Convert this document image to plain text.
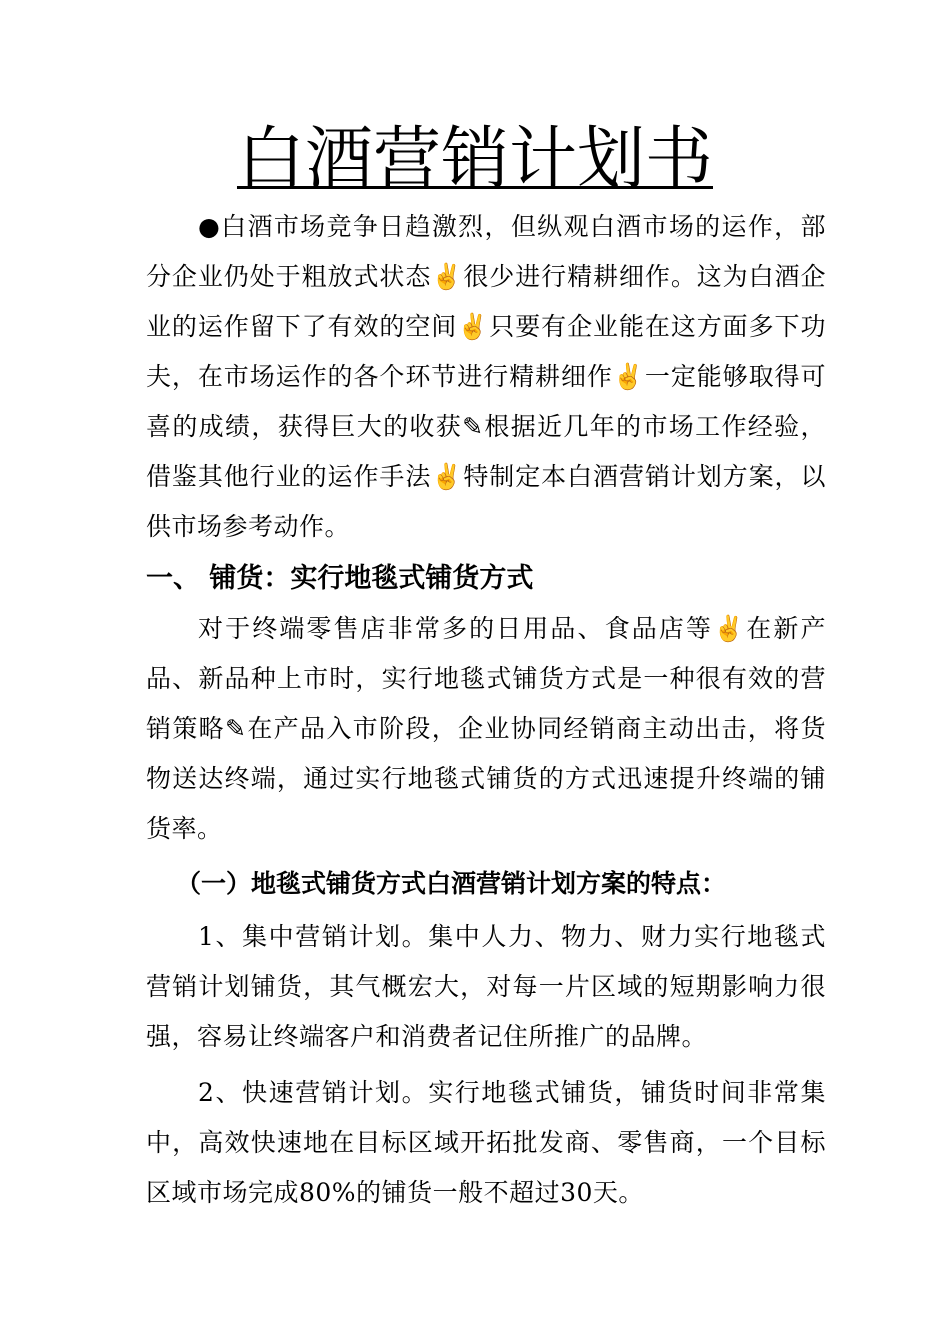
白酒营销计划书

●白酒市场竞争日趋激烈，但纵观白酒市场的运作，部分企业仍处于粗放式状态✌很少进行精耕细作。这为白酒企业的运作留下了有效的空间✌只要有企业能在这方面多下功夫，在市场运作的各个环节进行精耕细作✌一定能够取得可喜的成绩，获得巨大的收获✎根据近几年的市场工作经验，借鉴其他行业的运作手法✌特制定本白酒营销计划方案，以供市场参考动作。

一、 铺货：实行地毯式铺货方式

对于终端零售店非常多的日用品、食品店等✌在新产品、新品种上市时，实行地毯式铺货方式是一种很有效的营销策略✎在产品入市阶段，企业协同经销商主动出击，将货物送达终端，通过实行地毯式铺货的方式迅速提升终端的铺货率。

（一）地毯式铺货方式白酒营销计划方案的特点：

1、集中营销计划。集中人力、物力、财力实行地毯式营销计划铺货，其气概宏大，对每一片区域的短期影响力很强，容易让终端客户和消费者记住所推广的品牌。

2、快速营销计划。实行地毯式铺货，铺货时间非常集中，高效快速地在目标区域开拓批发商、零售商，一个目标区域市场完成80%的铺货一般不超过30天。
